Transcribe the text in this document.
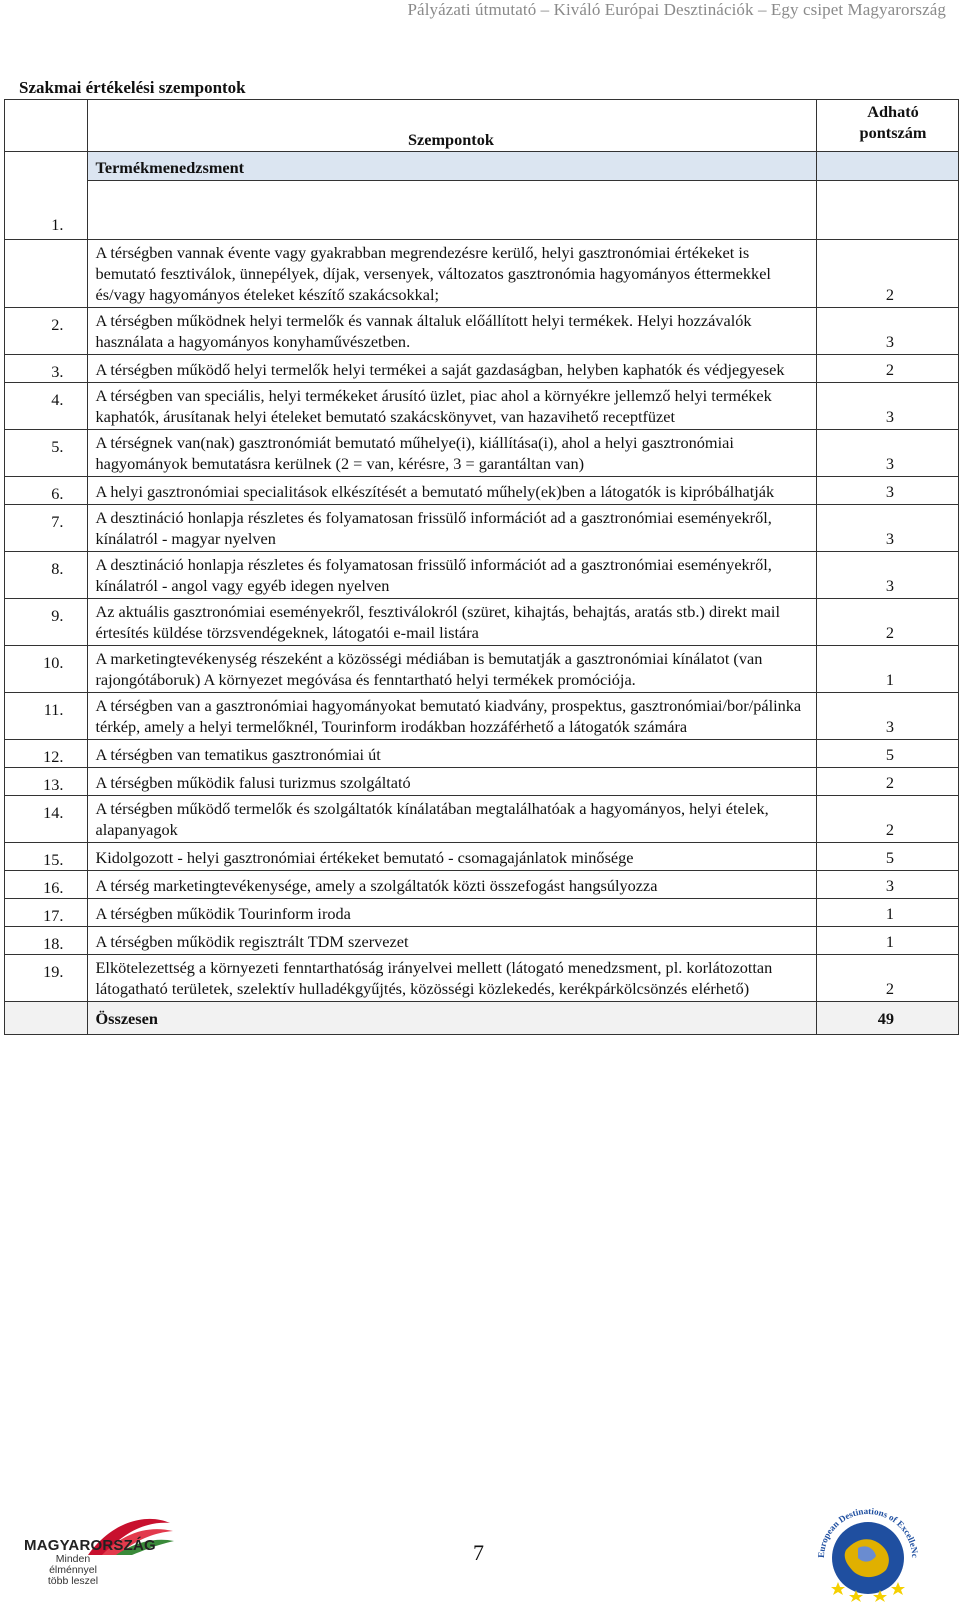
Pályázati útmutató – Kiváló Európai Desztinációk – Egy csipet Magyarország
Szakmai értékelési szempontok
	Szempontok	Adható pontszám

1.	Termékmenedzsment	

	A térségben vannak évente vagy gyakrabban megrendezésre kerülő, helyi gasztronómiai értékeket is bemutató fesztiválok, ünnepélyek, díjak, versenyek, változatos gasztronómia hagyományos éttermekkel és/vagy hagyományos ételeket készítő szakácsokkal;	2
2.	A térségben működnek helyi termelők és vannak általuk előállított helyi termékek. Helyi hozzávalók használata a hagyományos konyhaművészetben.	3
3.	A térségben működő helyi termelők helyi termékei a saját gazdaságban, helyben kaphatók és védjegyesek	2
4.	A térségben van speciális, helyi termékeket árusító üzlet, piac ahol a környékre jellemző helyi termékek kaphatók, árusítanak helyi ételeket bemutató szakácskönyvet, van hazavihető receptfüzet	3
5.	A térségnek van(nak) gasztronómiát bemutató műhelye(i), kiállítása(i), ahol a helyi gasztronómiai hagyományok bemutatásra kerülnek (2 = van, kérésre, 3 = garantáltan van)	3
6.	A helyi gasztronómiai specialitások elkészítését a bemutató műhely(ek)ben a látogatók is kipróbálhatják	3
7.	A desztináció honlapja részletes és folyamatosan frissülő információt ad a gasztronómiai eseményekről, kínálatról - magyar nyelven	3
8.	A desztináció honlapja részletes és folyamatosan frissülő információt ad a gasztronómiai eseményekről, kínálatról - angol vagy egyéb idegen nyelven	3
9.	Az aktuális gasztronómiai eseményekről, fesztiválokról (szüret, kihajtás, behajtás, aratás stb.) direkt mail értesítés küldése törzsvendégeknek, látogatói e-mail listára	2
10.	A marketingtevékenység részeként a közösségi médiában is bemutatják a gasztronómiai kínálatot (van rajongótáboruk) A környezet megóvása és fenntartható helyi termékek promóciója.	1
11.	A térségben van a gasztronómiai hagyományokat bemutató kiadvány, prospektus, gasztronómiai/bor/pálinka térkép, amely a helyi termelőknél, Tourinform irodákban hozzáférhető a látogatók számára	3
12.	A térségben van tematikus gasztronómiai út	5
13.	A térségben működik falusi turizmus szolgáltató	2
14.	A térségben működő termelők és szolgáltatók kínálatában megtalálhatóak a hagyományos, helyi ételek, alapanyagok	2
15.	Kidolgozott - helyi gasztronómiai értékeket bemutató - csomagajánlatok minősége	5
16.	A térség marketingtevékenysége, amely a szolgáltatók közti összefogást hangsúlyozza	3
17.	A térségben működik Tourinform iroda	1
18.	A térségben működik regisztrált TDM szervezet	1
19.	Elkötelezettség a környezeti fenntarthatóság irányelvei mellett (látogató menedzsment, pl. korlátozottan látogatható területek, szelektív hulladékgyűjtés, közösségi közlekedés, kerékpárkölcsönzés elérhető)	2
	Összesen	49
MAGYARORSZÁG
Minden élménnyel több leszel
7	European Destinations of ExcelleNc
